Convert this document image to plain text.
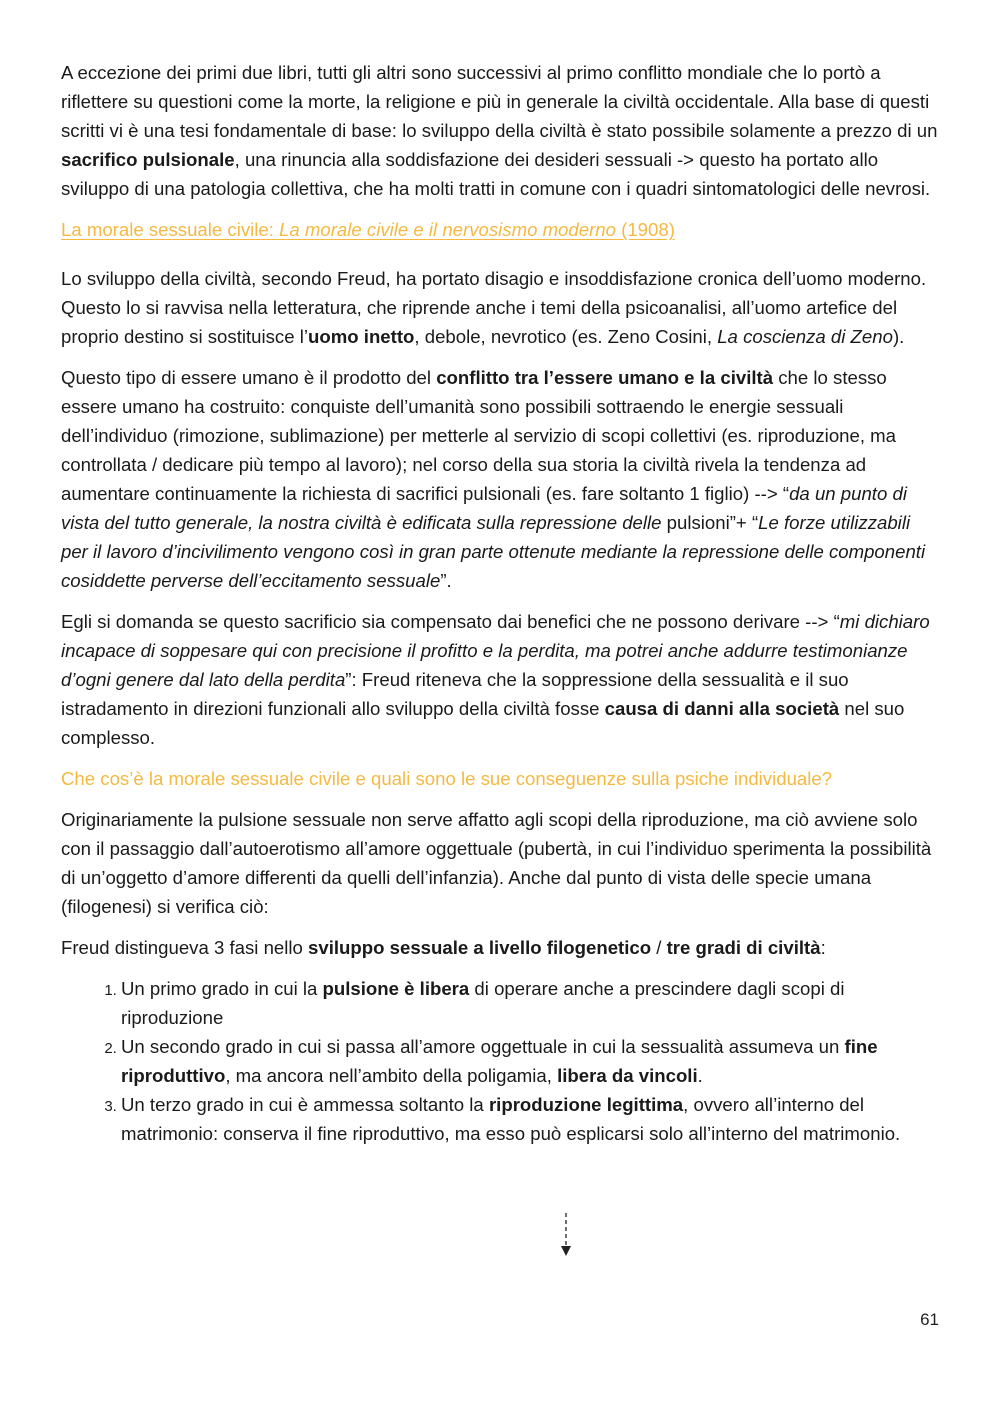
A eccezione dei primi due libri, tutti gli altri sono successivi al primo conflitto mondiale che lo portò a riflettere su questioni come la morte, la religione e più in generale la civiltà occidentale. Alla base di questi scritti vi è una tesi fondamentale di base: lo sviluppo della civiltà è stato possibile solamente a prezzo di un sacrifico pulsionale, una rinuncia alla soddisfazione dei desideri sessuali -> questo ha portato allo sviluppo di una patologia collettiva, che ha molti tratti in comune con i quadri sintomatologici delle nevrosi.

La morale sessuale civile: La morale civile e il nervosismo moderno (1908)

Lo sviluppo della civiltà, secondo Freud, ha portato disagio e insoddisfazione cronica dell’uomo moderno. Questo lo si ravvisa nella letteratura, che riprende anche i temi della psicoanalisi, all’uomo artefice del proprio destino si sostituisce l’uomo inetto, debole, nevrotico (es. Zeno Cosini, La coscienza di Zeno).

Questo tipo di essere umano è il prodotto del conflitto tra l’essere umano e la civiltà che lo stesso essere umano ha costruito: conquiste dell’umanità sono possibili sottraendo le energie sessuali dell’individuo (rimozione, sublimazione) per metterle al servizio di scopi collettivi (es. riproduzione, ma controllata / dedicare più tempo al lavoro); nel corso della sua storia la civiltà rivela la tendenza ad aumentare continuamente la richiesta di sacrifici pulsionali (es. fare soltanto 1 figlio) --> “da un punto di vista del tutto generale, la nostra civiltà è edificata sulla repressione delle pulsioni”+ “Le forze utilizzabili per il lavoro d’incivilimento vengono così in gran parte ottenute mediante la repressione delle componenti cosiddette perverse dell’eccitamento sessuale”.

Egli si domanda se questo sacrificio sia compensato dai benefici che ne possono derivare --> “mi dichiaro incapace di soppesare qui con precisione il profitto e la perdita, ma potrei anche addurre testimonianze d’ogni genere dal lato della perdita”: Freud riteneva che la soppressione della sessualità e il suo istradamento in direzioni funzionali allo sviluppo della civiltà fosse causa di danni alla società nel suo complesso.

Che cos’è la morale sessuale civile e quali sono le sue conseguenze sulla psiche individuale?

Originariamente la pulsione sessuale non serve affatto agli scopi della riproduzione, ma ciò avviene solo con il passaggio dall’autoerotismo all’amore oggettuale (pubertà, in cui l’individuo sperimenta la possibilità di un’oggetto d’amore differenti da quelli dell’infanzia). Anche dal punto di vista delle specie umana (filogenesi) si verifica ciò:

Freud distingueva 3 fasi nello sviluppo sessuale a livello filogenetico / tre gradi di civiltà:

1. Un primo grado in cui la pulsione è libera di operare anche a prescindere dagli scopi di riproduzione
2. Un secondo grado in cui si passa all’amore oggettuale in cui la sessualità assumeva un fine riproduttivo, ma ancora nell’ambito della poligamia, libera da vincoli.
3. Un terzo grado in cui è ammessa soltanto la riproduzione legittima, ovvero all’interno del matrimonio: conserva il fine riproduttivo, ma esso può esplicarsi solo all’interno del matrimonio.
61
